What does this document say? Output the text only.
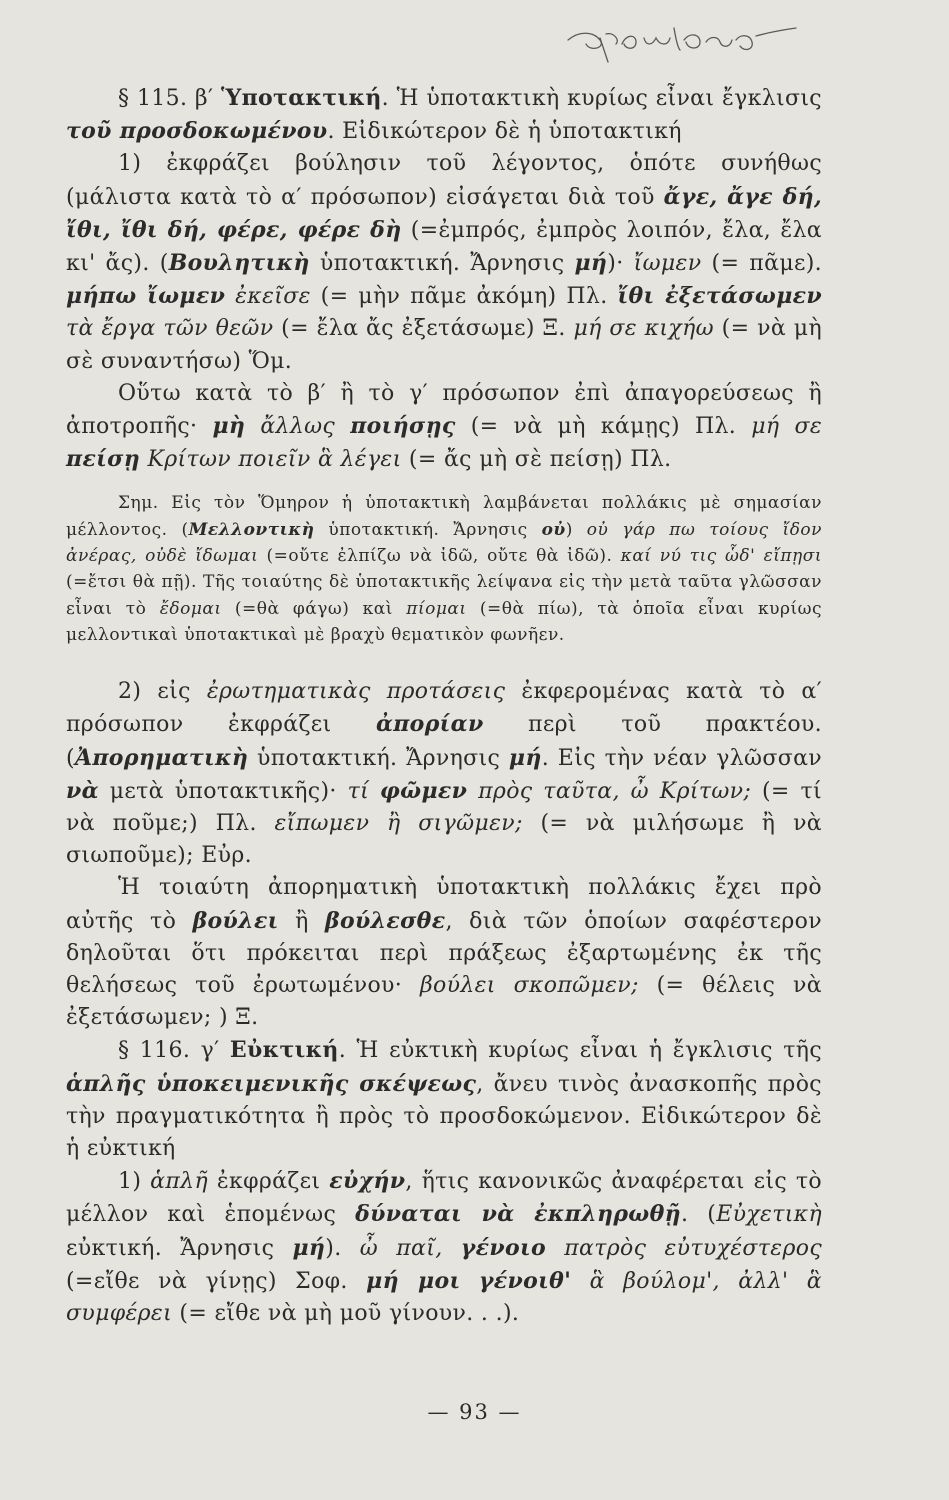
§ 115. β′ Ὑποτακτική. Ἡ ὑποτακτικὴ κυρίως εἶναι ἔγκλισις τοῦ προσδοκωμένου. Εἰδικώτερον δὲ ἡ ὑποτακτική

1) ἐκφράζει βούλησιν τοῦ λέγοντος, ὁπότε συνήθως (μάλιστα κατὰ τὸ α′ πρόσωπον) εἰσάγεται διὰ τοῦ ἄγε, ἄγε δή, ἴθι, ἴθι δή, φέρε, φέρε δὴ (=ἐμπρός, ἐμπρὸς λοιπόν, ἔλα, ἔλα κι' ἄς). (Βουλητικὴ ὑποτακτική. Ἄρνησις μή)· ἴωμεν (= πᾶμε). μήπω ἴωμεν ἐκεῖσε (= μὴν πᾶμε ἀκόμη) Πλ. ἴθι ἐξετάσωμεν τὰ ἔργα τῶν θεῶν (= ἔλα ἄς ἐξετάσωμε) Ξ. μή σε κιχήω (= νὰ μὴ σὲ συναντήσω) Ὅμ.

Οὕτω κατὰ τὸ β′ ἢ τὸ γ′ πρόσωπον ἐπὶ ἀπαγορεύσεως ἢ ἀποτροπῆς· μὴ ἄλλως ποιήσῃς (= νὰ μὴ κάμῃς) Πλ. μή σε πείσῃ Κρίτων ποιεῖν ἃ λέγει (= ἄς μὴ σὲ πείσῃ) Πλ.

Σημ. Εἰς τὸν Ὅμηρον ἡ ὑποτακτικὴ λαμβάνεται πολλάκις μὲ σημασίαν μέλλοντος. (Μελλοντικὴ ὑποτακτική. Ἄρνησις οὐ) οὐ γάρ πω τοίους ἴδον ἀνέρας, οὐδὲ ἴδωμαι (=οὔτε ἐλπίζω νὰ ἰδῶ, οὔτε θὰ ἰδῶ). καί νύ τις ὧδ' εἴπῃσι (=ἔτσι θὰ πῇ). Τῆς τοιαύτης δὲ ὑποτακτικῆς λείψανα εἰς τὴν μετὰ ταῦτα γλῶσσαν εἶναι τὸ ἔδομαι (=θὰ φάγω) καὶ πίομαι (=θὰ πίω), τὰ ὁποῖα εἶναι κυρίως μελλοντικαὶ ὑποτακτικαὶ μὲ βραχὺ θεματικὸν φωνῆεν.

2) εἰς ἐρωτηματικὰς προτάσεις ἐκφερομένας κατὰ τὸ α′ πρόσωπον ἐκφράζει ἀπορίαν περὶ τοῦ πρακτέου. (Ἀπορηματικὴ ὑποτακτική. Ἄρνησις μή. Εἰς τὴν νέαν γλῶσσαν νὰ μετὰ ὑποτακτικῆς)· τί φῶμεν πρὸς ταῦτα, ὦ Κρίτων; (= τί νὰ ποῦμε;) Πλ. εἴπωμεν ἢ σιγῶμεν; (= νὰ μιλήσωμε ἢ νὰ σιωποῦμε); Εὐρ.

Ἡ τοιαύτη ἀπορηματικὴ ὑποτακτικὴ πολλάκις ἔχει πρὸ αὐτῆς τὸ βούλει ἢ βούλεσθε, διὰ τῶν ὁποίων σαφέστερον δηλοῦται ὅτι πρόκειται περὶ πράξεως ἐξαρτωμένης ἐκ τῆς θελήσεως τοῦ ἐρωτωμένου· βούλει σκοπῶμεν; (= θέλεις νὰ ἐξετάσωμεν; ) Ξ.

§ 116. γ′ Εὐκτική. Ἡ εὐκτικὴ κυρίως εἶναι ἡ ἔγκλισις τῆς ἁπλῆς ὑποκειμενικῆς σκέψεως, ἄνευ τινὸς ἀνασκοπῆς πρὸς τὴν πραγματικότητα ἢ πρὸς τὸ προσδοκώμενον. Εἰδικώτερον δὲ ἡ εὐκτική

1) ἁπλῆ ἐκφράζει εὐχήν, ἥτις κανονικῶς ἀναφέρεται εἰς τὸ μέλλον καὶ ἑπομένως δύναται νὰ ἐκπληρωθῇ. (Εὐχετικὴ εὐκτική. Ἄρνησις μή). ὦ παῖ, γένοιο πατρὸς εὐτυχέστερος (=εἴθε νὰ γίνῃς) Σοφ. μή μοι γένοιθ' ἃ βούλομ', ἀλλ' ἃ συμφέρει (= εἴθε νὰ μὴ μοῦ γίνουν. . .).

— 93 —
